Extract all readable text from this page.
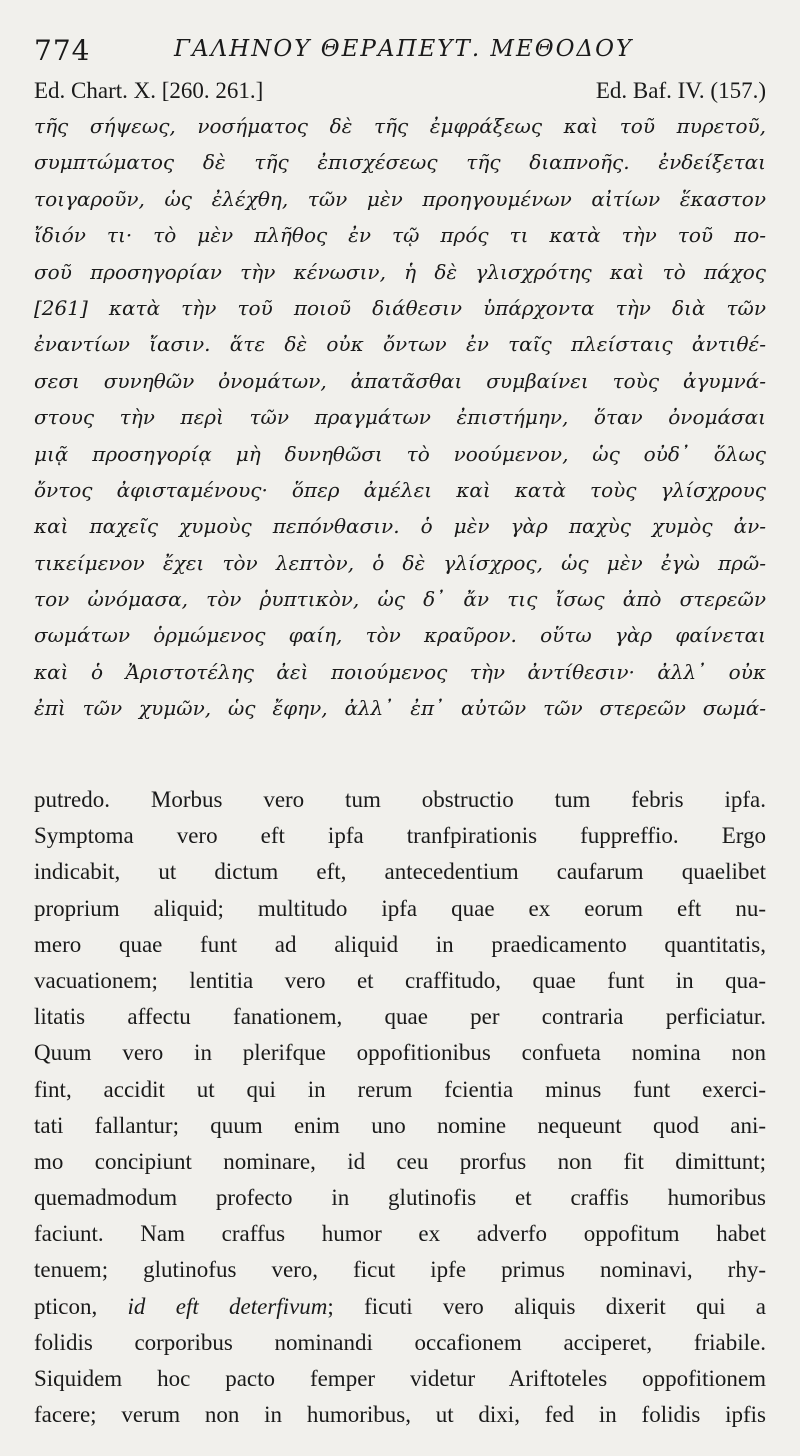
774	ΓΑΛΗΝΟΥ ΘΕΡΑΠΕΥΤ. ΜΕΘΟΔΟΥ
Ed. Chart. X. [260. 261.]	Ed. Baf. IV. (157.)
τῆς σήψεως, νοσήματος δὲ τῆς ἐμφράξεως καὶ τοῦ πυρετοῦ,
συμπτώματος δὲ τῆς ἐπισχέσεως τῆς διαπνοῆς. ἐνδείξεται
τοιγαροῦν, ὡς ἐλέχθη, τῶν μὲν προηγουμένων αἰτίων ἕκαστον
ἴδιόν τι· τὸ μὲν πλῆθος ἐν τῷ πρός τι κατὰ τὴν τοῦ πο-
σοῦ προσηγορίαν τὴν κένωσιν, ἡ δὲ γλισχρότης καὶ τὸ πάχος
[261] κατὰ τὴν τοῦ ποιοῦ διάθεσιν ὑπάρχοντα τὴν διὰ τῶν
ἐναντίων ἴασιν. ἅτε δὲ οὐκ ὄντων ἐν ταῖς πλείσταις ἀντιθέ-
σεσι συνηθῶν ὀνομάτων, ἀπατᾶσθαι συμβαίνει τοὺς ἀγυμνά-
στους τὴν περὶ τῶν πραγμάτων ἐπιστήμην, ὅταν ὀνομάσαι
μιᾷ προσηγορίᾳ μὴ δυνηθῶσι τὸ νοούμενον, ὡς οὐδ᾽ ὅλως
ὄντος ἀφισταμένους· ὅπερ ἀμέλει καὶ κατὰ τοὺς γλίσχρους
καὶ παχεῖς χυμοὺς πεπόνθασιν. ὁ μὲν γὰρ παχὺς χυμὸς ἀν-
τικείμενον ἔχει τὸν λεπτὸν, ὁ δὲ γλίσχρος, ὡς μὲν ἐγὼ πρῶ-
τον ὠνόμασα, τὸν ῥυπτικὸν, ὡς δ᾽ ἄν τις ἴσως ἀπὸ στερεῶν
σωμάτων ὁρμώμενος φαίη, τὸν κραῦρον. οὕτω γὰρ φαίνεται
καὶ ὁ Ἀριστοτέλης ἀεὶ ποιούμενος τὴν ἀντίθεσιν· ἀλλ᾽ οὐκ
ἐπὶ τῶν χυμῶν, ὡς ἔφην, ἀλλ᾽ ἐπ᾽ αὐτῶν τῶν στερεῶν σωμά-
putredo. Morbus vero tum obstructio tum febris ipfa.
Symptoma vero eft ipfa tranfpirationis fuppreffio. Ergo
indicabit, ut dictum eft, antecedentium caufarum quaelibet
proprium aliquid; multitudo ipfa quae ex eorum eft nu-
mero quae funt ad aliquid in praedicamento quantitatis,
vacuationem; lentitia vero et craffitudo, quae funt in qua-
litatis affectu fanationem, quae per contraria perficiatur.
Quum vero in plerifque oppofitionibus confueta nomina non
fint, accidit ut qui in rerum fcientia minus funt exerci-
tati fallantur; quum enim uno nomine nequeunt quod ani-
mo concipiunt nominare, id ceu prorfus non fit dimittunt;
quemadmodum profecto in glutinofis et craffis humoribus
faciunt. Nam craffus humor ex adverfo oppofitum habet
tenuem; glutinofus vero, ficut ipfe primus nominavi, rhy-
pticon, id eft deterfivum; ficuti vero aliquis dixerit qui a
folidis corporibus nominandi occafionem acciperet, friabile.
Siquidem hoc pacto femper videtur Ariftoteles oppofitionem
facere; verum non in humoribus, ut dixi, fed in folidis ipfis
